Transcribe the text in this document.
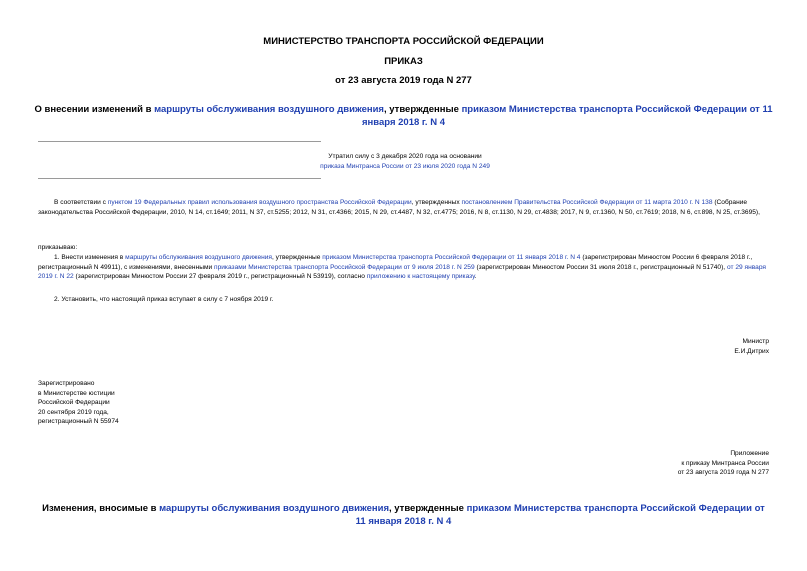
МИНИСТЕРСТВО ТРАНСПОРТА РОССИЙСКОЙ ФЕДЕРАЦИИ
ПРИКАЗ
от 23 августа 2019 года N 277
О внесении изменений в маршруты обслуживания воздушного движения, утвержденные приказом Министерства транспорта Российской Федерации от 11 января 2018 г. N 4
Утратил силу с 3 декабря 2020 года на основании
приказа Минтранса России от 23 июля 2020 года N 249
В соответствии с пунктом 19 Федеральных правил использования воздушного пространства Российской Федерации, утвержденных постановлением Правительства Российской Федерации от 11 марта 2010 г. N 138 (Собрание законодательства Российской Федерации, 2010, N 14, ст.1649; 2011, N 37, ст.5255; 2012, N 31, ст.4366; 2015, N 29, ст.4487, N 32, ст.4775; 2016, N 8, ст.1130, N 29, ст.4838; 2017, N 9, ст.1360, N 50, ст.7619; 2018, N 6, ст.898, N 25, ст.3695),
приказываю:
1. Внести изменения в маршруты обслуживания воздушного движения, утвержденные приказом Министерства транспорта Российской Федерации от 11 января 2018 г. N 4 (зарегистрирован Минюстом России 6 февраля 2018 г., регистрационный N 49911), с изменениями, внесенными приказами Министерства транспорта Российской Федерации от 9 июля 2018 г. N 259 (зарегистрирован Минюстом России 31 июля 2018 г., регистрационный N 51740), от 29 января 2019 г. N 22 (зарегистрирован Минюстом России 27 февраля 2019 г., регистрационный N 53919), согласно приложению к настоящему приказу.
2. Установить, что настоящий приказ вступает в силу с 7 ноября 2019 г.
Министр
Е.И.Дитрих
Зарегистрировано
в Министерстве юстиции
Российской Федерации
20 сентября 2019 года,
регистрационный N 55974
Приложение
к приказу Минтранса России
от 23 августа 2019 года N 277
Изменения, вносимые в маршруты обслуживания воздушного движения, утвержденные приказом Министерства транспорта Российской Федерации от 11 января 2018 г. N 4
